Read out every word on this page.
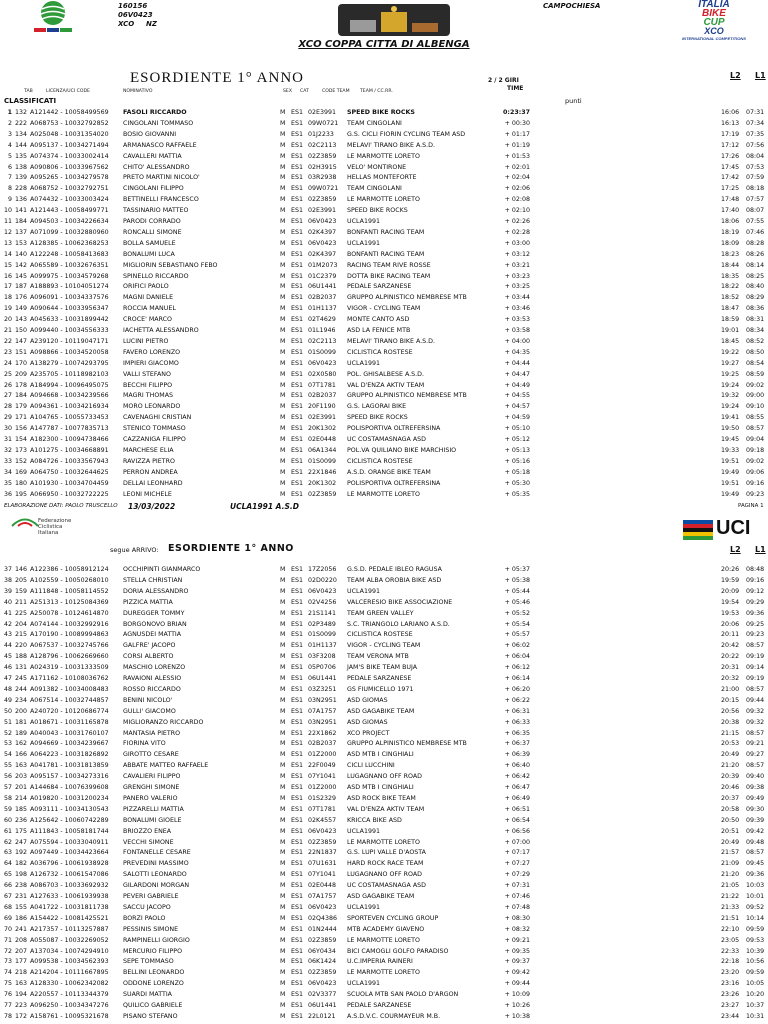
160156
06V0423
XCO NZ
CAMPOCHIESA	ITALIA
BIKE
CUP
XCO
INTERNATIONAL COMPETITIONS
XCO COPPA CITTA DI ALBENGA
ESORDIENTE 1° ANNO	2 / 2 GIRI
TIME
L2 L1
TAB	LICENZA/UCI CODE	NOMINATIVO	SEX CAT	CODE TEAM TEAM / CC.RR.
CLASSIFICATI	punti
1 132 A121442 - 10058499569 FASOLI RICCARDO	M ES1 02E3991 SPEED BIKE ROCKS	0:23:37	16:06 07:31
2 222 A068753 - 10032792852 CINGOLANI TOMMASO	M ES1 09W0721 TEAM CINGOLANI	+ 00:30	16:13 07:34
3 134 A025048 - 10031354020 BOSIO GIOVANNI	M ES1 01J2233 G.S. CICLI FIORIN CYCLING TEAM ASD	+ 01:17	17:19 07:35
4 144 A095137 - 10034271494 ARMANASCO RAFFAELE	M ES1 02C2113 MELAVI' TIRANO BIKE A.S.D.	+ 01:19	17:12 07:56
5 135 A074374 - 10033002414 CAVALLERI MATTIA	M ES1 02Z3859 LE MARMOTTE LORETO	+ 01:53	17:26 08:04
6 138 A090806 - 10033967562 CHITO' ALESSANDRO	M ES1 02H3915 VELO' MONTIRONE	+ 02:01	17:45 07:53
7 139 A095265 - 10034279578 PRETO MARTINI NICOLO'	M ES1 03R2938 HELLAS MONTEFORTE	+ 02:04	17:42 07:59
8 228 A068752 - 10032792751 CINGOLANI FILIPPO	M ES1 09W0721 TEAM CINGOLANI	+ 02:06	17:25 08:18
9 136 A074432 - 10033003424 BETTINELLI FRANCESCO	M ES1 02Z3859 LE MARMOTTE LORETO	+ 02:08	17:48 07:57
10 141 A121443 - 10058499771 TASSINARIO MATTEO	M ES1 02E3991 SPEED BIKE ROCKS	+ 02:10	17:40 08:07
11 184 A094503 - 10034226634 PARODI CORRADO	M ES1 06V0423 UCLA1991	+ 02:26	18:06 07:55
12 137 A071099 - 10032880960 RONCALLI SIMONE	M ES1 02K4397 BONFANTI RACING TEAM	+ 02:28	18:19 07:46
13 153 A128385 - 10062368253 BOLLA SAMUELE	M ES1 06V0423 UCLA1991	+ 03:00	18:09 08:28
14 140 A122248 - 10058413683 BONALUMI LUCA	M ES1 02K4397 BONFANTI RACING TEAM	+ 03:12	18:23 08:26
15 142 A065589 - 10032676351 MIGLIORIN SEBASTIANO FEBO	M ES1 01M2073 RACING TEAM RIVE ROSSE	+ 03:21	18:44 08:14
16 145 A099975 - 10034579268 SPINELLO RICCARDO	M ES1 01C2379 DOTTA BIKE RACING TEAM	+ 03:23	18:35 08:25
17 187 A188893 - 10104051274 ORIFICI PAOLO	M ES1 06U1441 PEDALE SARZANESE	+ 03:25	18:22 08:40
18 176 A096091 - 10034337576 MAGNI DANIELE	M ES1 02B2037 GRUPPO ALPINISTICO NEMBRESE MTB	+ 03:44	18:52 08:29
19 149 A090644 - 10033956347 ROCCIA MANUEL	M ES1 01H1137 VIGOR - CYCLING TEAM	+ 03:46	18:47 08:36
20 143 A045633 - 10031899442 CROCE' MARCO	M ES1 02T4629 MONTE CANTO ASD	+ 03:53	18:59 08:31
21 150 A099440 - 10034556333 IACHETTA ALESSANDRO	M ES1 01L1946 ASD LA FENICE MTB	+ 03:58	19:01 08:34
22 147 A239120 - 10119047171 LUCINI PIETRO	M ES1 02C2113 MELAVI' TIRANO BIKE A.S.D.	+ 04:00	18:45 08:52
23 151 A098866 - 10034520058 FAVERO LORENZO	M ES1 01S0099 CICLISTICA ROSTESE	+ 04:35	19:22 08:50
24 170 A138279 - 10074293795 IMPIERI GIACOMO	M ES1 06V0423 UCLA1991	+ 04:44	19:27 08:54
25 209 A235705 - 10118982103 VALLI STEFANO	M ES1 02X0580 POL. GHISALBESE A.S.D.	+ 04:47	19:25 08:59
26 178 A184994 - 10096495075 BECCHI FILIPPO	M ES1 07T1781 VAL D'ENZA AKTIV TEAM	+ 04:49	19:24 09:02
27 184 A094668 - 10034239566 MAGRI THOMAS	M ES1 02B2037 GRUPPO ALPINISTICO NEMBRESE MTB	+ 04:55	19:32 09:00
28 179 A094361 - 10034216934 MORO LEONARDO	M ES1 20F1190 G.S. LAGORAI BIKE	+ 04:57	19:24 09:10
29 171 A104765 - 10055733453 CAVENAGHI CRISTIAN	M ES1 02E3991 SPEED BIKE ROCKS	+ 04:59	19:41 08:55
30 156 A147787 - 10077835713 STENICO TOMMASO	M ES1 20K1302 POLISPORTIVA OLTREFERSINA	+ 05:10	19:50 08:57
31 154 A182300 - 10094738466 CAZZANIGA FILIPPO	M ES1 02E0448 UC COSTAMASNAGA ASD	+ 05:12	19:45 09:04
32 173 A101275 - 10034668891 MARCHESE ELIA	M ES1 06A1344 POL.VA QUILIANO BIKE MARCHISIO	+ 05:13	19:33 09:18
33 152 A084726 - 10033567943 RAVIZZA PIETRO	M ES1 01S0099 CICLISTICA ROSTESE	+ 05:16	19:51 09:02
34 169 A064750 - 10032644625 PERRON ANDREA	M ES1 22X1846 A.S.D. ORANGE BIKE TEAM	+ 05:18	19:49 09:06
35 180 A101930 - 10034704459 DELLAI LEONHARD	M ES1 20K1302 POLISPORTIVA OLTREFERSINA	+ 05:30	19:51 09:16
36 195 A066950 - 10032722225 LEONI MICHELE	M ES1 02Z3859 LE MARMOTTE LORETO	+ 05:35	19:49 09:23
ELABORAZIONE DATI: PAOLO TRUSCELLO 13/03/2022	UCLA1991 A.S.D	PAGINA 1
Federazione
Ciclistica
Italiana	UCI
segue ARRIVO: ESORDIENTE 1° ANNO	L2 L1
37 146 A122386 - 10058912124 OCCHIPINTI GIANMARCO	M ES1 17Z2056 G.S.D. PEDALE IBLEO RAGUSA	+ 05:37	20:26 08:48
38 205 A102559 - 10050268010 STELLA CHRISTIAN	M ES1 02D0220 TEAM ALBA OROBIA BIKE ASD	+ 05:38	19:59 09:16
39 159 A111848 - 10058114552 DORIA ALESSANDRO	M ES1 06V0423 UCLA1991	+ 05:44	20:09 09:12
40 211 A251313 - 10125084369 PIZZICA MATTIA	M ES1 02V4256 VALCERESIO BIKE ASSOCIAZIONE	+ 05:46	19:54 09:29
41 225 A250078 - 10124614870 DUREGGER TOMMY	M ES1 21S1141 TEAM GREEN VALLEY	+ 05:52	19:53 09:36
42 204 A074144 - 10032992916 BORGONOVO BRIAN	M ES1 02P3489 S.C. TRIANGOLO LARIANO A.S.D.	+ 05:54	20:06 09:25
43 215 A170190 - 10089994863 AGNUSDEI MATTIA	M ES1 01S0099 CICLISTICA ROSTESE	+ 05:57	20:11 09:23
44 220 A067537 - 10032745766 GALFRE' JACOPO	M ES1 01H1137 VIGOR - CYCLING TEAM	+ 06:02	20:42 08:57
45 188 A128796 - 10062669660 CORSI ALBERTO	M ES1 03F3208 TEAM VERONA MTB	+ 06:04	20:22 09:19
46 131 A024319 - 10031333509 MASCHIO LORENZO	M ES1 05P0706 JAM'S BIKE TEAM BUJA	+ 06:12	20:31 09:14
47 245 A171162 - 10108036762 RAVAIONI ALESSIO	M ES1 06U1441 PEDALE SARZANESE	+ 06:14	20:32 09:19
48 244 A091382 - 10034008483 ROSSO RICCARDO	M ES1 03Z3251 GS FIUMICELLO 1971	+ 06:20	21:00 08:57
49 234 A067514 - 10032744857 BENINI NICOLO'	M ES1 03N2951 ASD GIOMAS	+ 06:22	20:15 09:44
50 200 A240720 - 10120686774 GULLI' GIACOMO	M ES1 07A1757 ASD GAGABIKE TEAM	+ 06:31	20:56 09:32
51 181 A018671 - 10031165878 MIGLIORANZO RICCARDO	M ES1 03N2951 ASD GIOMAS	+ 06:33	20:38 09:32
52 189 A040043 - 10031760107 MANTASIA PIETRO	M ES1 22X1862 XCO PROJECT	+ 06:35	21:15 08:57
53 162 A094669 - 10034239667 FIORINA VITO	M ES1 02B2037 GRUPPO ALPINISTICO NEMBRESE MTB	+ 06:37	20:53 09:21
54 166 A064223 - 10031826892 GIROTTO CESARE	M ES1 01Z2000 ASD MTB I CINGHIALI	+ 06:39	20:49 09:27
55 163 A041781 - 10031813859 ABBATE MATTEO RAFFAELE	M ES1 22F0049 CICLI LUCCHINI	+ 06:40	21:20 08:57
56 203 A095157 - 10034273316 CAVALIERI FILIPPO	M ES1 07Y1041 LUGAGNANO OFF ROAD	+ 06:42	20:39 09:40
57 201 A144684 - 10076399608 GRENGHI SIMONE	M ES1 01Z2000 ASD MTB I CINGHIALI	+ 06:47	20:46 09:38
58 214 A019820 - 10031200234 PANERO VALERIO	M ES1 01S2329 ASD ROCK BIKE TEAM	+ 06:49	20:37 09:49
59 185 A093111 - 10034130543 PIZZARELLI MATTIA	M ES1 07T1781 VAL D'ENZA AKTIV TEAM	+ 06:51	20:58 09:30
60 236 A125642 - 10060742289 BONALUMI GIOELE	M ES1 02K4557 KRICCA BIKE ASD	+ 06:54	20:50 09:39
61 175 A111843 - 10058181744 BRIOZZO ENEA	M ES1 06V0423 UCLA1991	+ 06:56	20:51 09:42
62 247 A075594 - 10033040911 VECCHI SIMONE	M ES1 02Z3859 LE MARMOTTE LORETO	+ 07:00	20:49 09:48
63 192 A097449 - 10034423664 FONTANELLE CESARE	M ES1 22N1837 G.S. LUPI VALLE D'AOSTA	+ 07:17	21:57 08:57
64 182 A036796 - 10061938928 PREVEDINI MASSIMO	M ES1 07U1631 HARD ROCK RACE TEAM	+ 07:27	21:09 09:45
65 198 A126732 - 10061547086 SALOTTI LEONARDO	M ES1 07Y1041 LUGAGNANO OFF ROAD	+ 07:29	21:20 09:36
66 238 A086703 - 10033692932 GILARDONI MORGAN	M ES1 02E0448 UC COSTAMASNAGA ASD	+ 07:31	21:05 10:03
67 231 A127633 - 10061939938 PEVERI GABRIELE	M ES1 07A1757 ASD GAGABIKE TEAM	+ 07:46	21:22 10:01
68 155 A041722 - 10031811738 SACCU JACOPO	M ES1 06V0423 UCLA1991	+ 07:48	21:33 09:52
69 186 A154422 - 10081425521 BORZI PAOLO	M ES1 02Q4386 SPORTEVEN CYCLING GROUP	+ 08:30	21:51 10:14
70 241 A217357 - 10113257887 PESSINIS SIMONE	M ES1 01N2444 MTB ACADEMY GIAVENO	+ 08:32	22:10 09:59
71 208 A055087 - 10032269052 RAMPINELLI GIORGIO	M ES1 02Z3859 LE MARMOTTE LORETO	+ 09:21	23:05 09:53
72 207 A137034 - 10074294910 MERCURIO FILIPPO	M ES1 06Y0434 BICI CAMOGLI GOLFO PARADISO	+ 09:35	22:33 10:39
73 177 A099538 - 10034562393 SEPE TOMMASO	M ES1 06K1424 U.C.IMPERIA RAINERI	+ 09:37	22:18 10:56
74 218 A214204 - 10111667895 BELLINI LEONARDO	M ES1 02Z3859 LE MARMOTTE LORETO	+ 09:42	23:20 09:59
75 163 A128330 - 10062342082 ODDONE LORENZO	M ES1 06V0423 UCLA1991	+ 09:44	23:16 10:05
76 194 A220557 - 10113344379 SUARDI MATTIA	M ES1 02V3377 SCUOLA MTB SAN PAOLO D'ARGON	+ 10:09	23:26 10:20
77 223 A096250 - 10034347276 QUILICO GABRIELE	M ES1 06U1441 PEDALE SARZANESE	+ 10:26	23:27 10:37
78 172 A158761 - 10095321678 PISANO STEFANO	M ES1 22L0121 A.S.D.V.C. COURMAYEUR M.B.	+ 10:38	23:44 10:31
